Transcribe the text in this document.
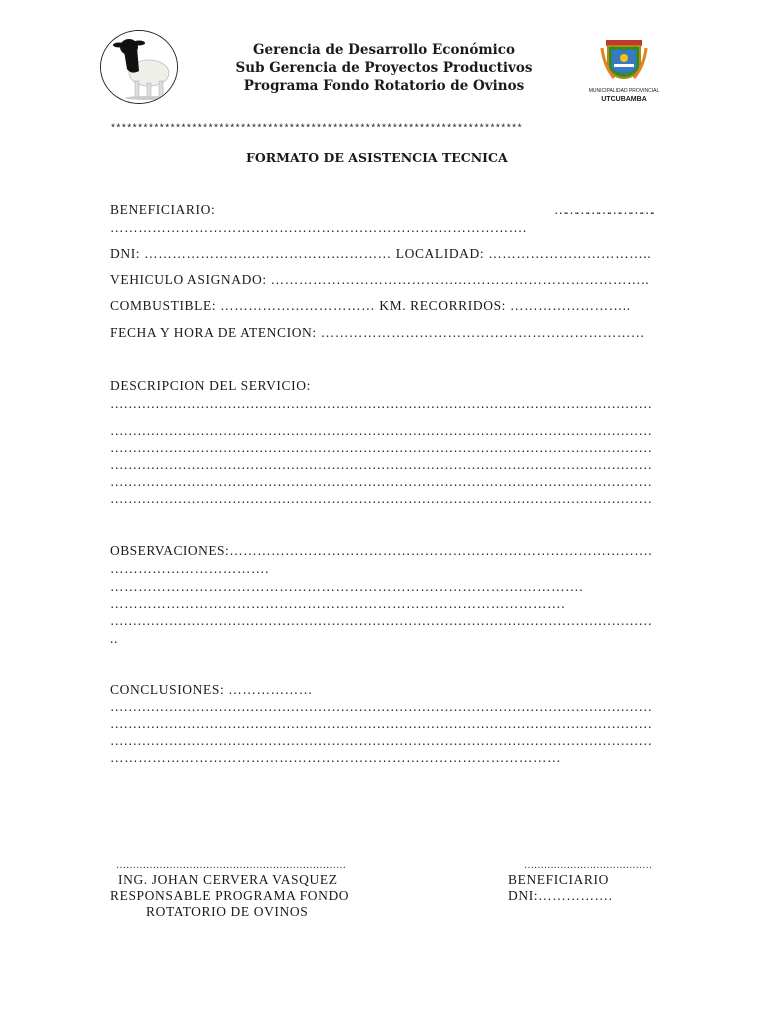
Gerencia de Desarrollo Económico
Sub Gerencia de Proyectos Productivos
Programa Fondo Rotatorio de Ovinos	MUNICIPALIDAD PROVINCIAL
UTCUBAMBA
****************************************************************************
FORMATO DE ASISTENCIA TECNICA
BENEFICIARIO:	……………………….
…………………………………………………………….……………….
DNI: ………………….……………….………… LOCALIDAD: ……………………………..
VEHICULO ASIGNADO: ………………………………….…………………………………..
COMBUSTIBLE: …………………………… KM. RECORRIDOS: ……………………..
FECHA Y HORA DE ATENCION: ……………………………………………………………
DESCRIPCION DEL SERVICIO:
…………………………………………………………………………………………………………
…………………………………………………………………………………………………………
…………………………………………………………………………………………………………
…………………………………………………………………………………………………………
…………………………………………………………………………………………………………
…………………………………………………………………………………………………………
OBSERVACIONES:……………………………………………………………………………….
…………………………….
…………………………………………………………………………….………….
…………………………………………………………………………………….
…………………………………………………………………………………………………………
..
CONCLUSIONES: ………………
…………………………………………………………………………………………………………
…………………………………………………………………………………………………………
…………………………………………………………………………………………………………
……………………………………………………………………………………
……………………………………………………………
ING. JOHAN CERVERA VASQUEZ
RESPONSABLE PROGRAMA FONDO
ROTATORIO DE OVINOS
…………………………………
BENEFICIARIO
DNI:…………….
